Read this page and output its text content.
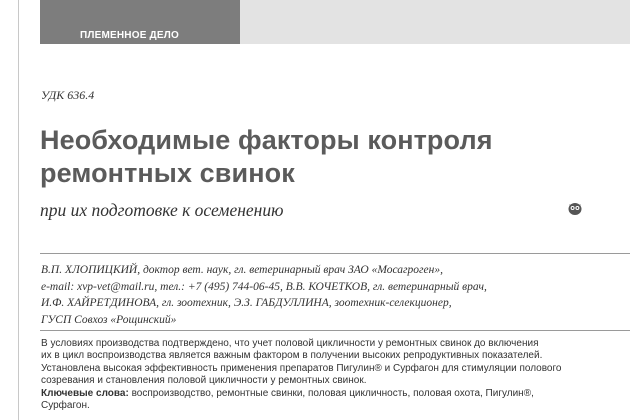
ПЛЕМЕННОЕ ДЕЛО
УДК 636.4
Необходимые факторы контроля
ремонтных свинок
при их подготовке к осеменению
В.П. ХЛОПИЦКИЙ, доктор вет. наук, гл. ветеринарный врач ЗАО «Мосагроген»,
e-mail: xvp-vet@mail.ru, тел.: +7 (495) 744-06-45, В.В. КОЧЕТКОВ, гл. ветеринарный врач,
И.Ф. ХАЙРЕТДИНОВА, гл. зоотехник, Э.З. ГАБДУЛЛИНА, зоотехник-селекционер,
ГУСП Совхоз «Рощинский»
В условиях производства подтверждено, что учет половой цикличности у ремонтных свинок до включения
их в цикл воспроизводства является важным фактором в получении высоких репродуктивных показателей.
Установлена высокая эффективность применения препаратов Пигулин® и Сурфагон для стимуляции полового
созревания и становления половой цикличности у ремонтных свинок.
Ключевые слова: воспроизводство, ремонтные свинки, половая цикличность, половая охота, Пигулин®,
Сурфагон.
